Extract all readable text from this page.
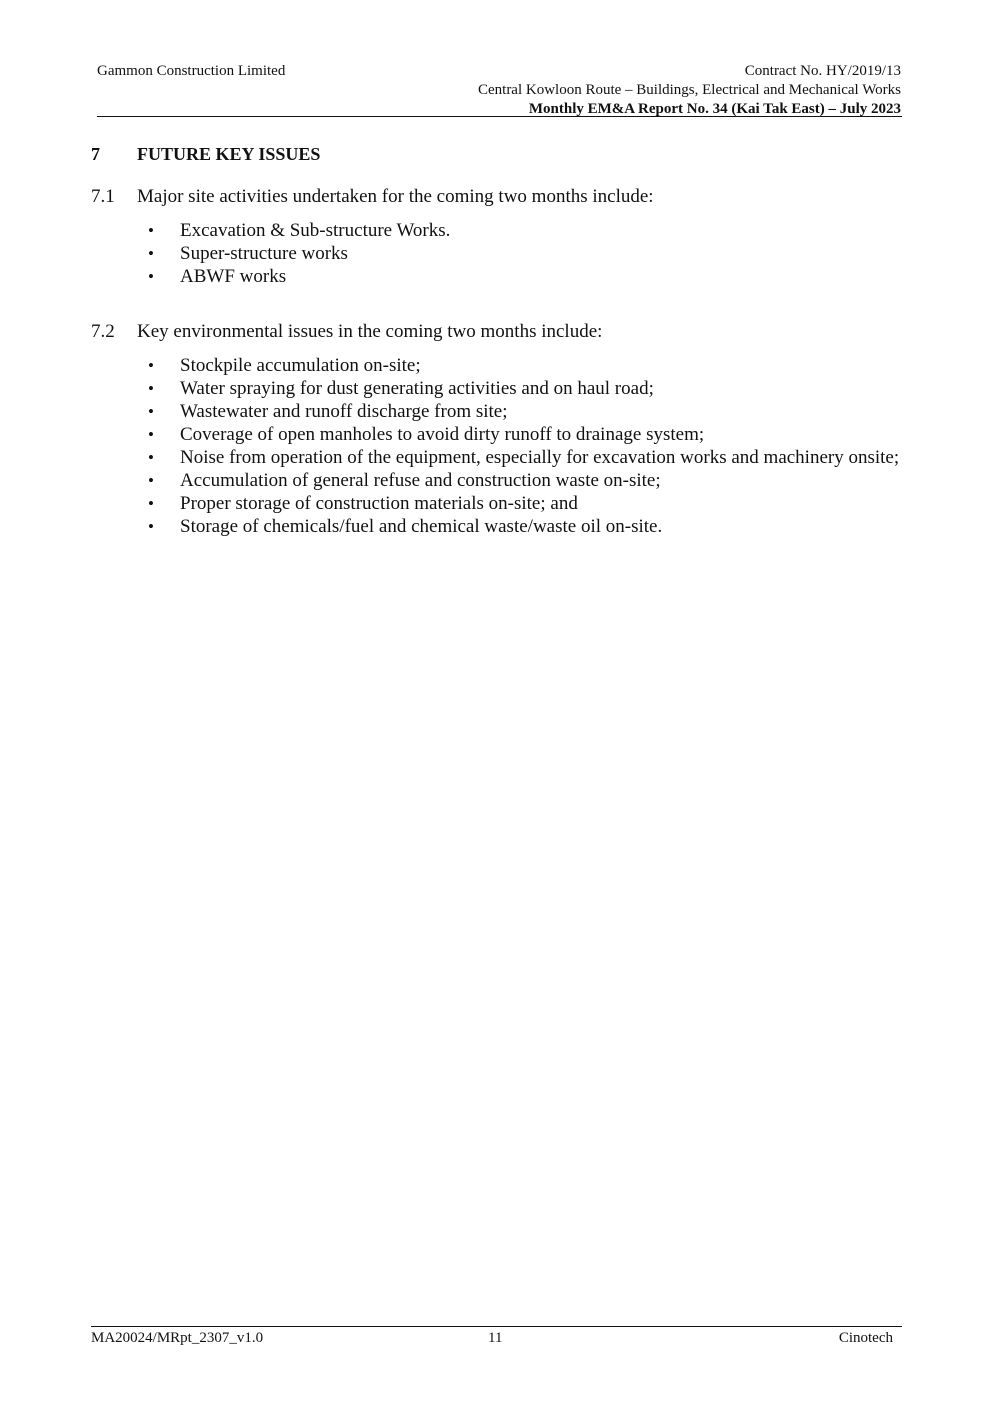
Gammon Construction Limited	Contract No. HY/2019/13
Central Kowloon Route – Buildings, Electrical and Mechanical Works
Monthly EM&A Report No. 34 (Kai Tak East) – July 2023
7 FUTURE KEY ISSUES
7.1 Major site activities undertaken for the coming two months include:
•	Excavation & Sub-structure Works.
•	Super-structure works
•	ABWF works
7.2 Key environmental issues in the coming two months include:
•	Stockpile accumulation on-site;
•	Water spraying for dust generating activities and on haul road;
•	Wastewater and runoff discharge from site;
•	Coverage of open manholes to avoid dirty runoff to drainage system;
•	Noise from operation of the equipment, especially for excavation works and machinery onsite;
•	Accumulation of general refuse and construction waste on-site;
•	Proper storage of construction materials on-site; and
•	Storage of chemicals/fuel and chemical waste/waste oil on-site.
MA20024/MRpt_2307_v1.0	11	Cinotech
